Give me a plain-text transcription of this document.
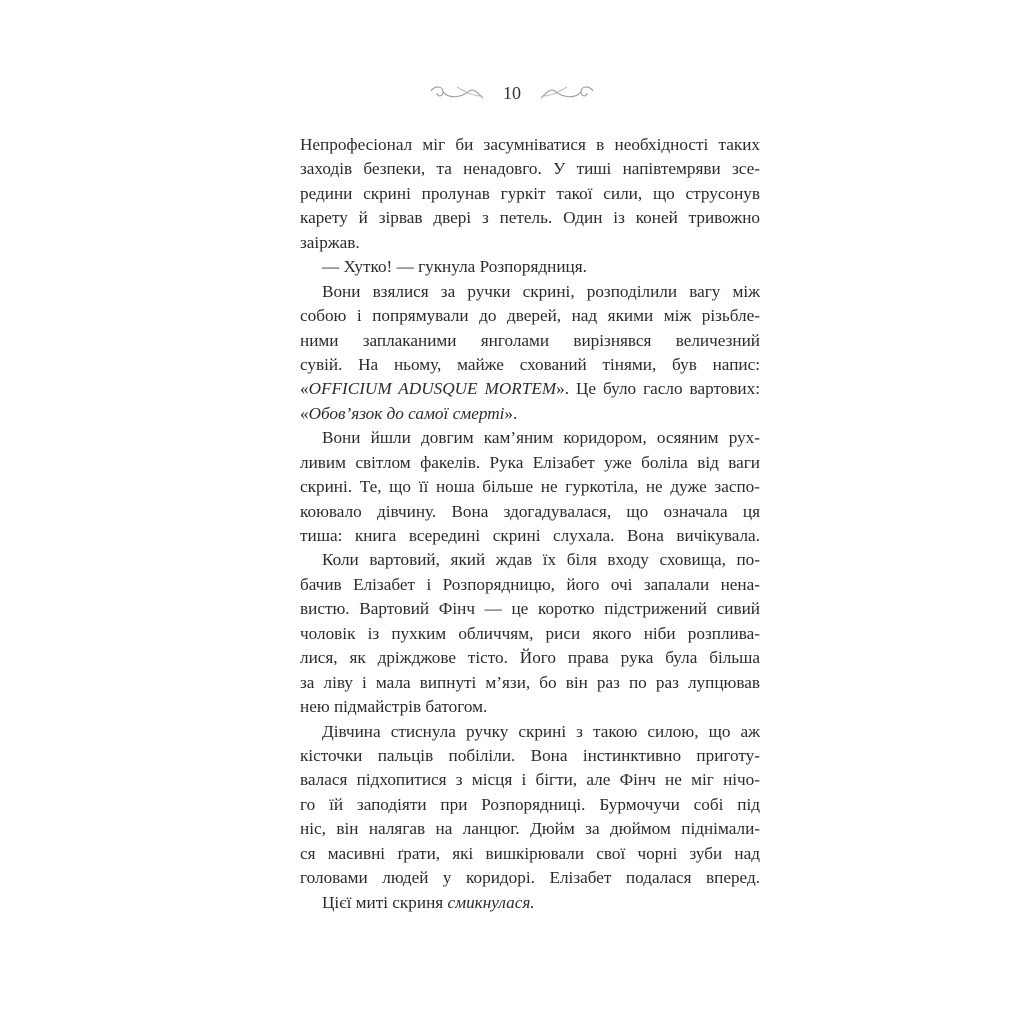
10
Непрофесіонал міг би засумніватися в необхідності таких
заходів безпеки, та ненадовго. У тиші напівтемряви зсе-
редини скрині пролунав гуркіт такої сили, що струсонув
карету й зірвав двері з петель. Один із коней тривожно
заіржав.
— Хутко! — гукнула Розпорядниця.
Вони взялися за ручки скрині, розподілили вагу між
собою і попрямували до дверей, над якими між різьбле-
ними заплаканими янголами вирізнявся величезний
сувій. На ньому, майже схований тінями, був напис:
«OFFICIUM ADUSQUE MORTEM». Це було гасло вартових:
«Обов’язок до самої смерті».
Вони йшли довгим кам’яним коридором, осяяним рух-
ливим світлом факелів. Рука Елізабет уже боліла від ваги
скрині. Те, що її ноша більше не гуркотіла, не дуже заспо-
коювало дівчину. Вона здогадувалася, що означала ця
тиша: книга всередині скрині слухала. Вона вичікувала.
Коли вартовий, який ждав їх біля входу сховища, по-
бачив Елізабет і Розпорядницю, його очі запалали нена-
вистю. Вартовий Фінч — це коротко підстрижений сивий
чоловік із пухким обличчям, риси якого ніби розплива-
лися, як дріжджове тісто. Його права рука була більша
за ліву і мала випнуті м’язи, бо він раз по раз лупцював
нею підмайстрів батогом.
Дівчина стиснула ручку скрині з такою силою, що аж
кісточки пальців побіліли. Вона інстинктивно приготу-
валася підхопитися з місця і бігти, але Фінч не міг нічо-
го їй заподіяти при Розпорядниці. Бурмочучи собі під
ніс, він налягав на ланцюг. Дюйм за дюймом піднімали-
ся масивні ґрати, які вишкірювали свої чорні зуби над
головами людей у коридорі. Елізабет подалася вперед.
Цієї миті скриня смикнулася.
